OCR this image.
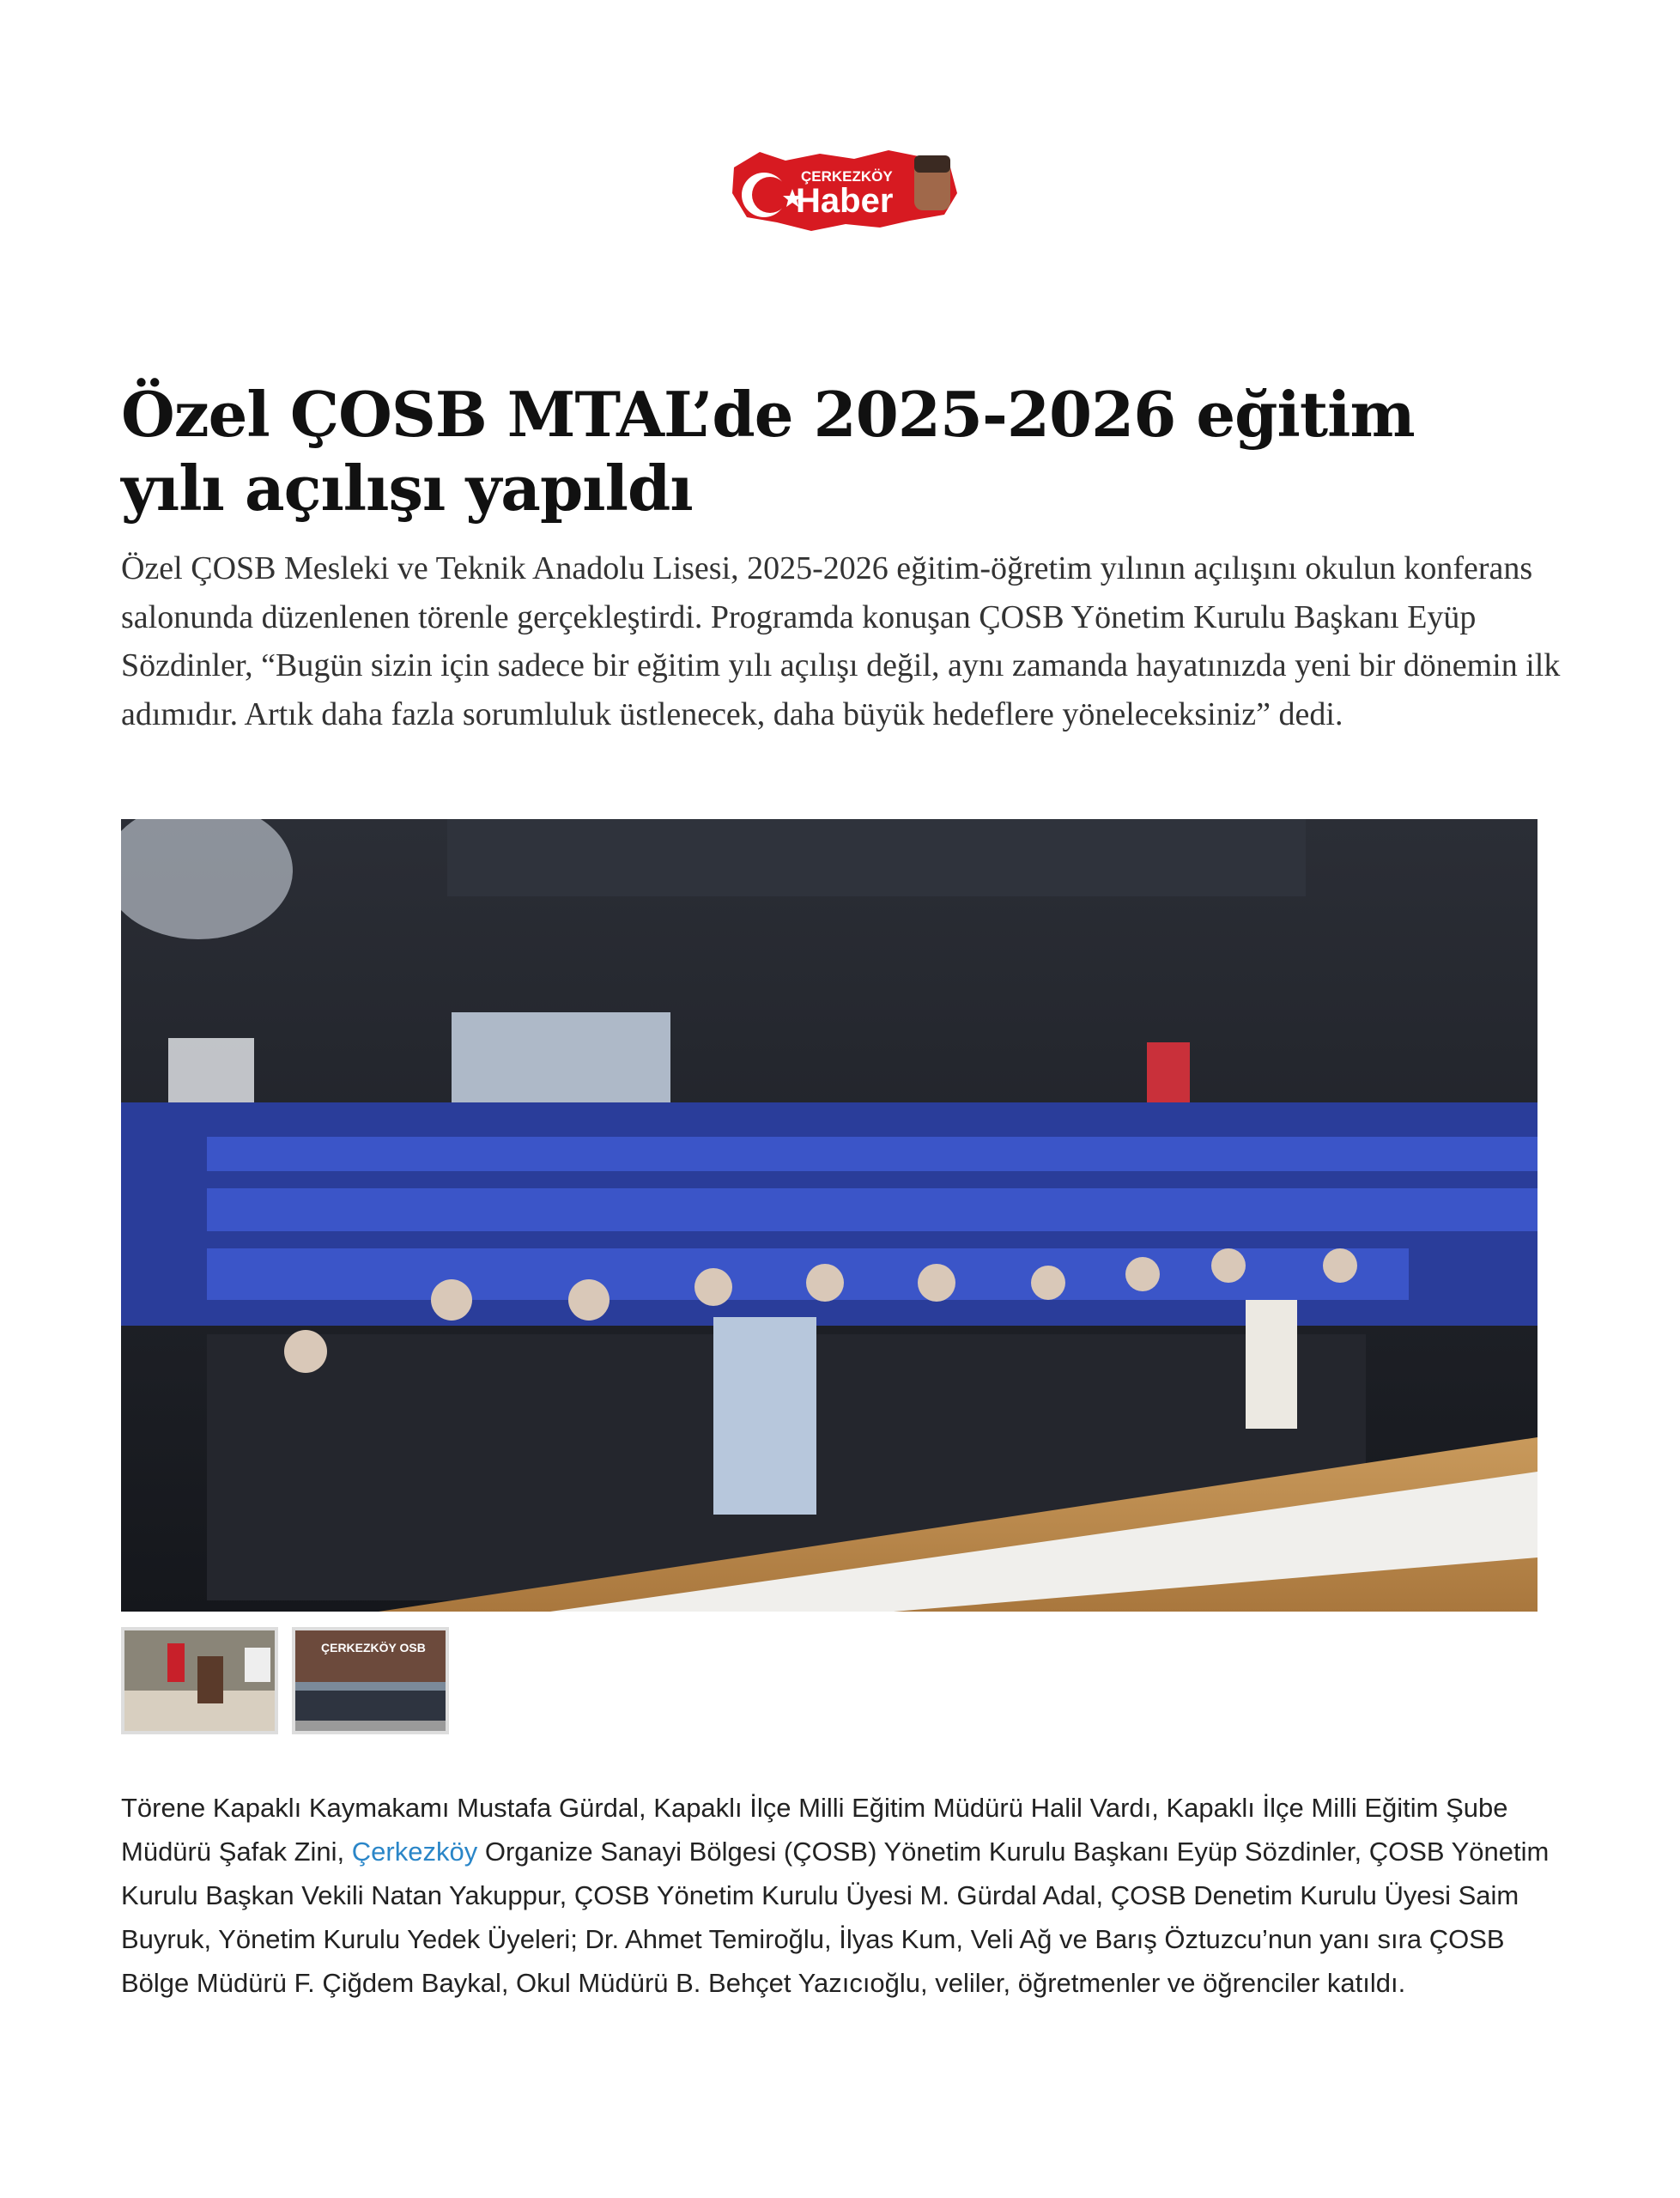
ÇERKEZKÖY
Haber
Özel ÇOSB MTAL’de 2025-2026 eğitim yılı açılışı yapıldı

Özel ÇOSB Mesleki ve Teknik Anadolu Lisesi, 2025-2026 eğitim-öğretim yılının açılışını okulun konferans salonunda düzenlenen törenle gerçekleştirdi. Programda konuşan ÇOSB Yönetim Kurulu Başkanı Eyüp Sözdinler, “Bugün sizin için sadece bir eğitim yılı açılışı değil, aynı zamanda hayatınızda yeni bir dönemin ilk adımıdır. Artık daha fazla sorumluluk üstlenecek, daha büyük hedeflere yöneleceksiniz” dedi.

ÇERKEZKÖY OSB

Törene Kapaklı Kaymakamı Mustafa Gürdal, Kapaklı İlçe Milli Eğitim Müdürü Halil Vardı, Kapaklı İlçe Milli Eğitim Şube Müdürü Şafak Zini, Çerkezköy Organize Sanayi Bölgesi (ÇOSB) Yönetim Kurulu Başkanı Eyüp Sözdinler, ÇOSB Yönetim Kurulu Başkan Vekili Natan Yakuppur, ÇOSB Yönetim Kurulu Üyesi M. Gürdal Adal, ÇOSB Denetim Kurulu Üyesi Saim Buyruk, Yönetim Kurulu Yedek Üyeleri; Dr. Ahmet Temiroğlu, İlyas Kum, Veli Ağ ve Barış Öztuzcu’nun yanı sıra ÇOSB Bölge Müdürü F. Çiğdem Baykal, Okul Müdürü B. Behçet Yazıcıoğlu, veliler, öğretmenler ve öğrenciler katıldı.
